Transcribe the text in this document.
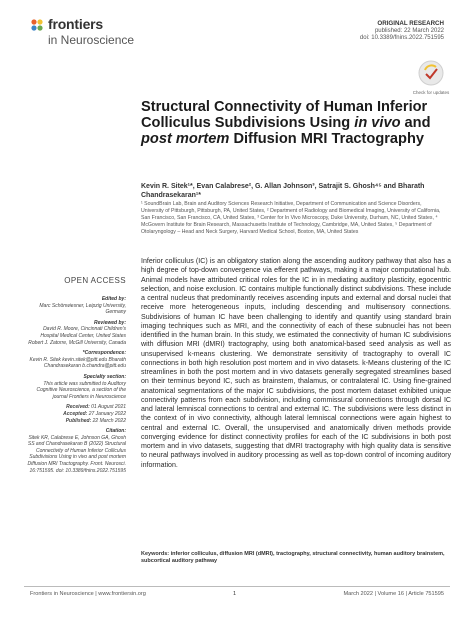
frontiers
in Neuroscience
ORIGINAL RESEARCH
published: 22 March 2022
doi: 10.3389/fnins.2022.751595
Check for updates
Structural Connectivity of Human Inferior Colliculus Subdivisions Using in vivo and post mortem Diffusion MRI Tractography
Kevin R. Sitek¹*, Evan Calabrese², G. Allan Johnson³, Satrajit S. Ghosh⁴⁵ and Bharath Chandrasekaran¹*
¹ SoundBrain Lab, Brain and Auditory Sciences Research Initiative, Department of Communication and Science Disorders, University of Pittsburgh, Pittsburgh, PA, United States, ² Department of Radiology and Biomedical Imaging, University of California, San Francisco, San Francisco, CA, United States, ³ Center for In Vivo Microscopy, Duke University, Durham, NC, United States, ⁴ McGovern Institute for Brain Research, Massachusetts Institute of Technology, Cambridge, MA, United States, ⁵ Department of Otolaryngology – Head and Neck Surgery, Harvard Medical School, Boston, MA, United States
OPEN ACCESS
Edited by:
Marc Schönwiesner, Leipzig University, Germany
Reviewed by:
David R. Moore, Cincinnati Children's Hospital Medical Center, United States
Robert J. Zatorre, McGill University, Canada
*Correspondence:
Kevin R. Sitek kevin.sitek@pitt.edu Bharath Chandrasekaran b.chandra@pitt.edu
Specialty section:
This article was submitted to Auditory Cognitive Neuroscience, a section of the journal Frontiers in Neuroscience
Received: 01 August 2021
Accepted: 27 January 2022
Published: 22 March 2022
Citation:
Sitek KR, Calabrese E, Johnson GA, Ghosh SS and Chandrasekaran B (2022) Structural Connectivity of Human Inferior Colliculus Subdivisions Using in vivo and post mortem Diffusion MRI Tractography. Front. Neurosci. 16:751595. doi: 10.3389/fnins.2022.751595
Inferior colliculus (IC) is an obligatory station along the ascending auditory pathway that also has a high degree of top-down convergence via efferent pathways, making it a major computational hub. Animal models have attributed critical roles for the IC in in mediating auditory plasticity, egocentric selection, and noise exclusion. IC contains multiple functionally distinct subdivisions. These include a central nucleus that predominantly receives ascending inputs and external and dorsal nuclei that receive more heterogeneous inputs, including descending and multisensory connections. Subdivisions of human IC have been challenging to identify and quantify using standard brain imaging techniques such as MRI, and the connectivity of each of these subnuclei has not been identified in the human brain. In this study, we estimated the connectivity of human IC subdivisions with diffusion MRI (dMRI) tractography, using both anatomical-based seed analysis as well as unsupervised k-means clustering. We demonstrate sensitivity of tractography to overall IC connections in both high resolution post mortem and in vivo datasets. k-Means clustering of the IC streamlines in both the post mortem and in vivo datasets generally segregated streamlines based on their terminus beyond IC, such as brainstem, thalamus, or contralateral IC. Using fine-grained anatomical segmentations of the major IC subdivisions, the post mortem dataset exhibited unique connectivity patterns from each subdivision, including commissural connections through dorsal IC and lateral lemniscal connections to central and external IC. The subdivisions were less distinct in the context of in vivo connectivity, although lateral lemniscal connections were again highest to central and external IC. Overall, the unsupervised and anatomically driven methods provide converging evidence for distinct connectivity profiles for each of the IC subdivisions in both post mortem and in vivo datasets, suggesting that dMRI tractography with high quality data is sensitive to neural pathways involved in auditory processing as well as top-down control of incoming auditory information.
Keywords: inferior colliculus, diffusion MRI (dMRI), tractography, structural connectivity, human auditory brainstem, subcortical auditory pathway
Frontiers in Neuroscience | www.frontiersin.org	1	March 2022 | Volume 16 | Article 751595
